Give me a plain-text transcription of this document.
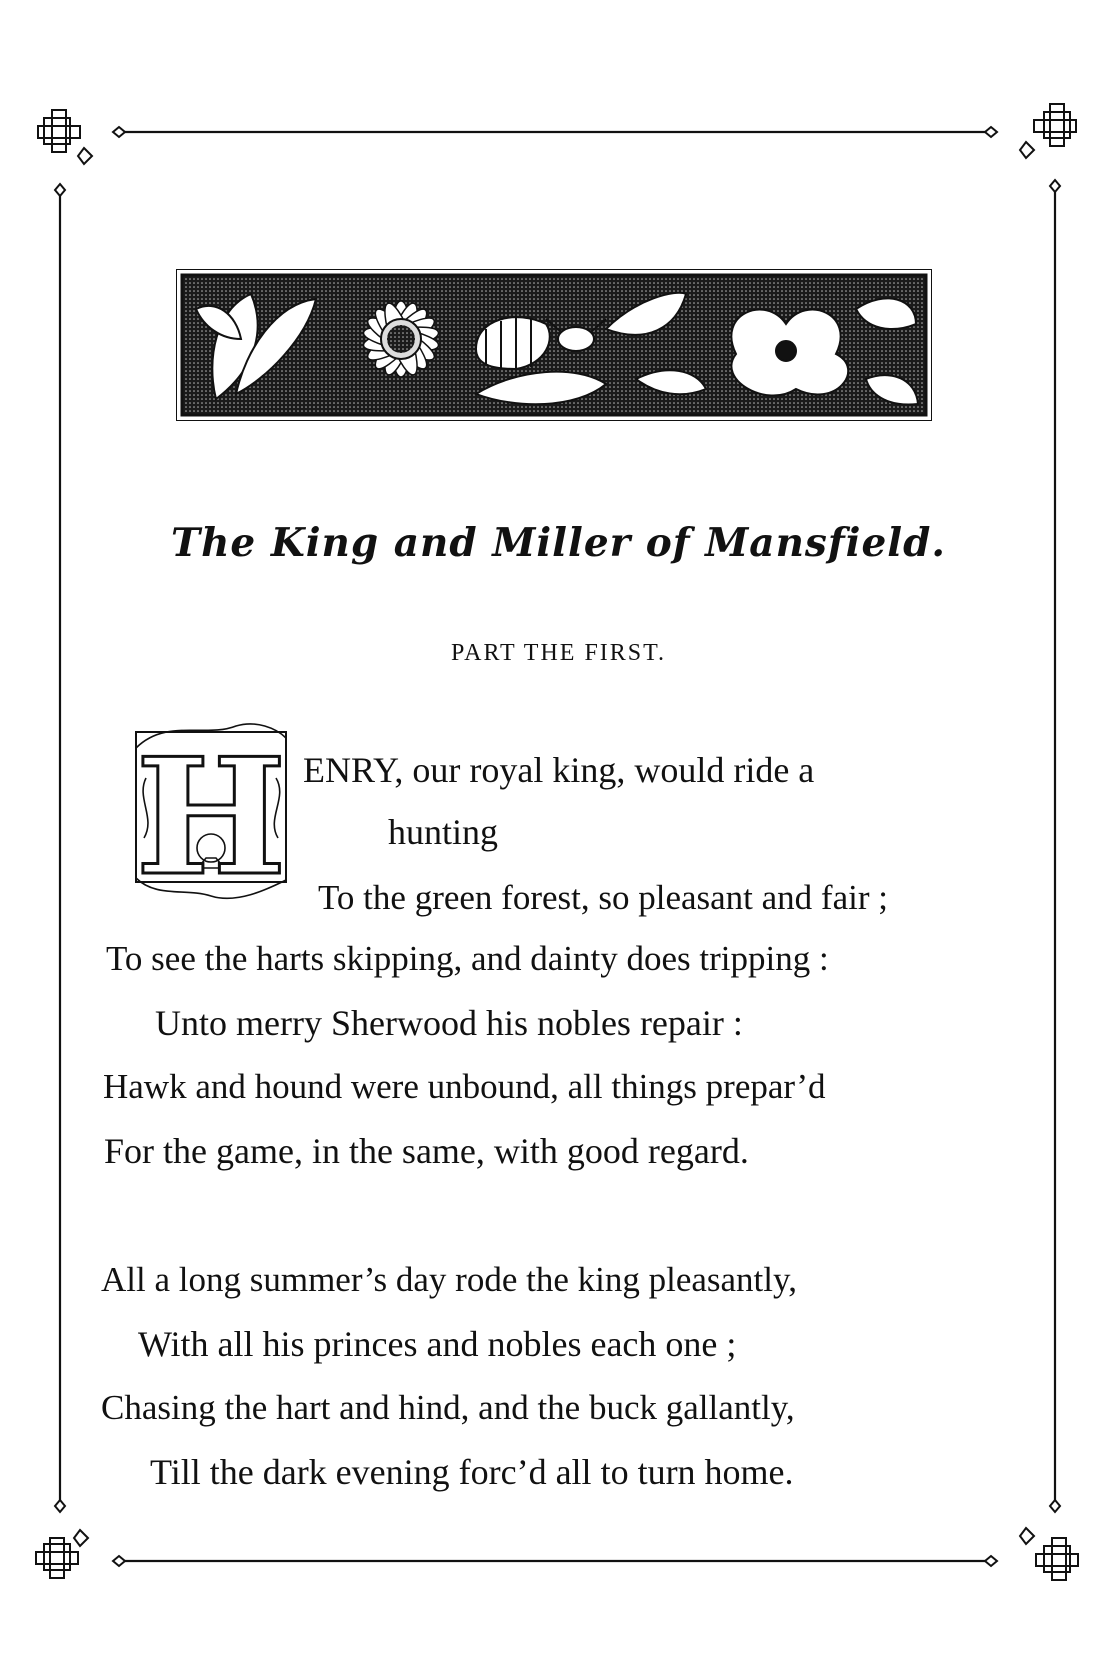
The King and Miller of Mansfield.
PART THE FIRST.
H ENRY, our royal king, would ride a
hunting
To the green forest, so pleasant and fair ;
To see the harts skipping, and dainty does tripping :
Unto merry Sherwood his nobles repair :
Hawk and hound were unbound, all things prepar’d
For the game, in the same, with good regard.
All a long summer’s day rode the king pleasantly,
With all his princes and nobles each one ;
Chasing the hart and hind, and the buck gallantly,
Till the dark evening forc’d all to turn home.
